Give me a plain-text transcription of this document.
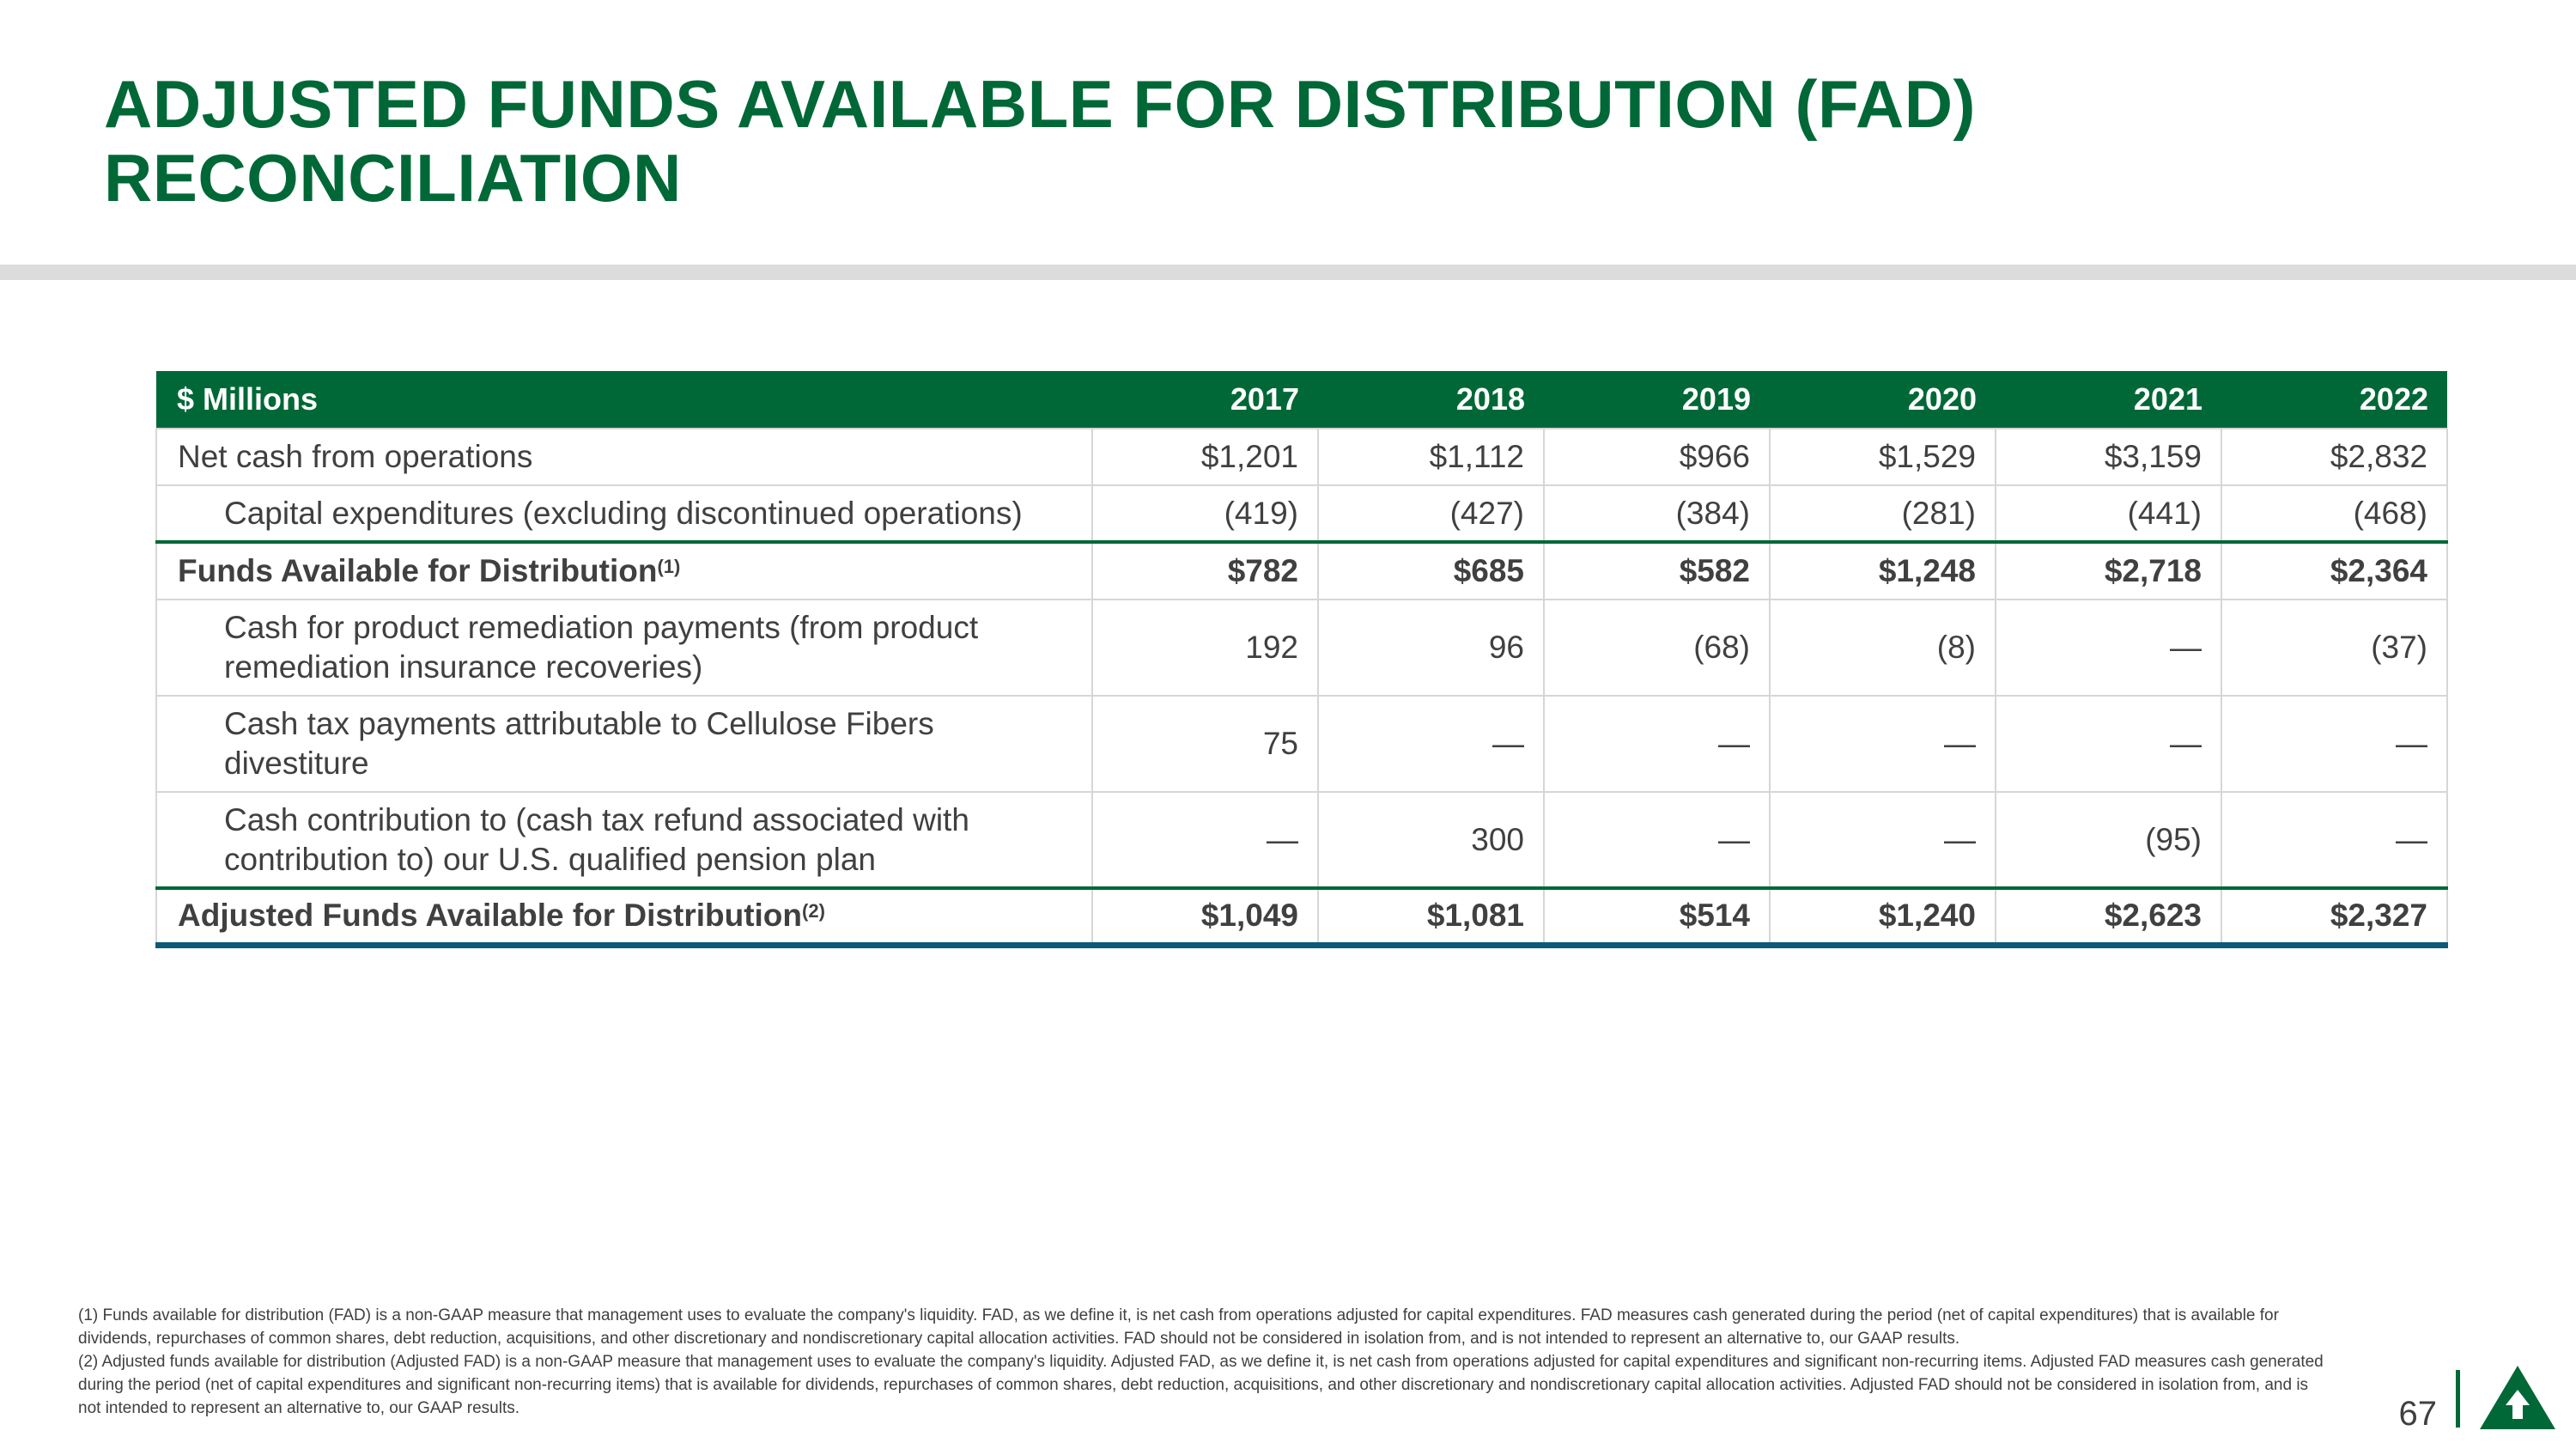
ADJUSTED FUNDS AVAILABLE FOR DISTRIBUTION (FAD)
RECONCILIATION
$ Millions	2017	2018	2019	2020	2021	2022
Net cash from operations	$1,201	$1,112	$966	$1,529	$3,159	$2,832
Capital expenditures (excluding discontinued operations)	(419)	(427)	(384)	(281)	(441)	(468)
Funds Available for Distribution$^{(1)}$	$782	$685	$582	$1,248	$2,718	$2,364
Cash for product remediation payments (from product
remediation insurance recoveries)	192	96	(68)	(8)	—	(37)
Cash tax payments attributable to Cellulose Fibers
divestiture	75	—	—	—	—	—
Cash contribution to (cash tax refund associated with
contribution to) our U.S. qualified pension plan	—	300	—	—	(95)	—
Adjusted Funds Available for Distribution$^{(2)}$	$1,049	$1,081	$514	$1,240	$2,623	$2,327

(1) Funds available for distribution (FAD) is a non-GAAP measure that management uses to evaluate the company's liquidity. FAD, as we define it, is net cash from operations adjusted for capital expenditures. FAD measures cash generated during the period (net of capital expenditures) that is available for dividends, repurchases of common shares, debt reduction, acquisitions, and other discretionary and nondiscretionary capital allocation activities. FAD should not be considered in isolation from, and is not intended to represent an alternative to, our GAAP results.

(2) Adjusted funds available for distribution (Adjusted FAD) is a non-GAAP measure that management uses to evaluate the company's liquidity. Adjusted FAD, as we define it, is net cash from operations adjusted for capital expenditures and significant non-recurring items. Adjusted FAD measures cash generated during the period (net of capital expenditures and significant non-recurring items) that is available for dividends, repurchases of common shares, debt reduction, acquisitions, and other discretionary and nondiscretionary capital allocation activities. Adjusted FAD should not be considered in isolation from, and is not intended to represent an alternative to, our GAAP results.	67
